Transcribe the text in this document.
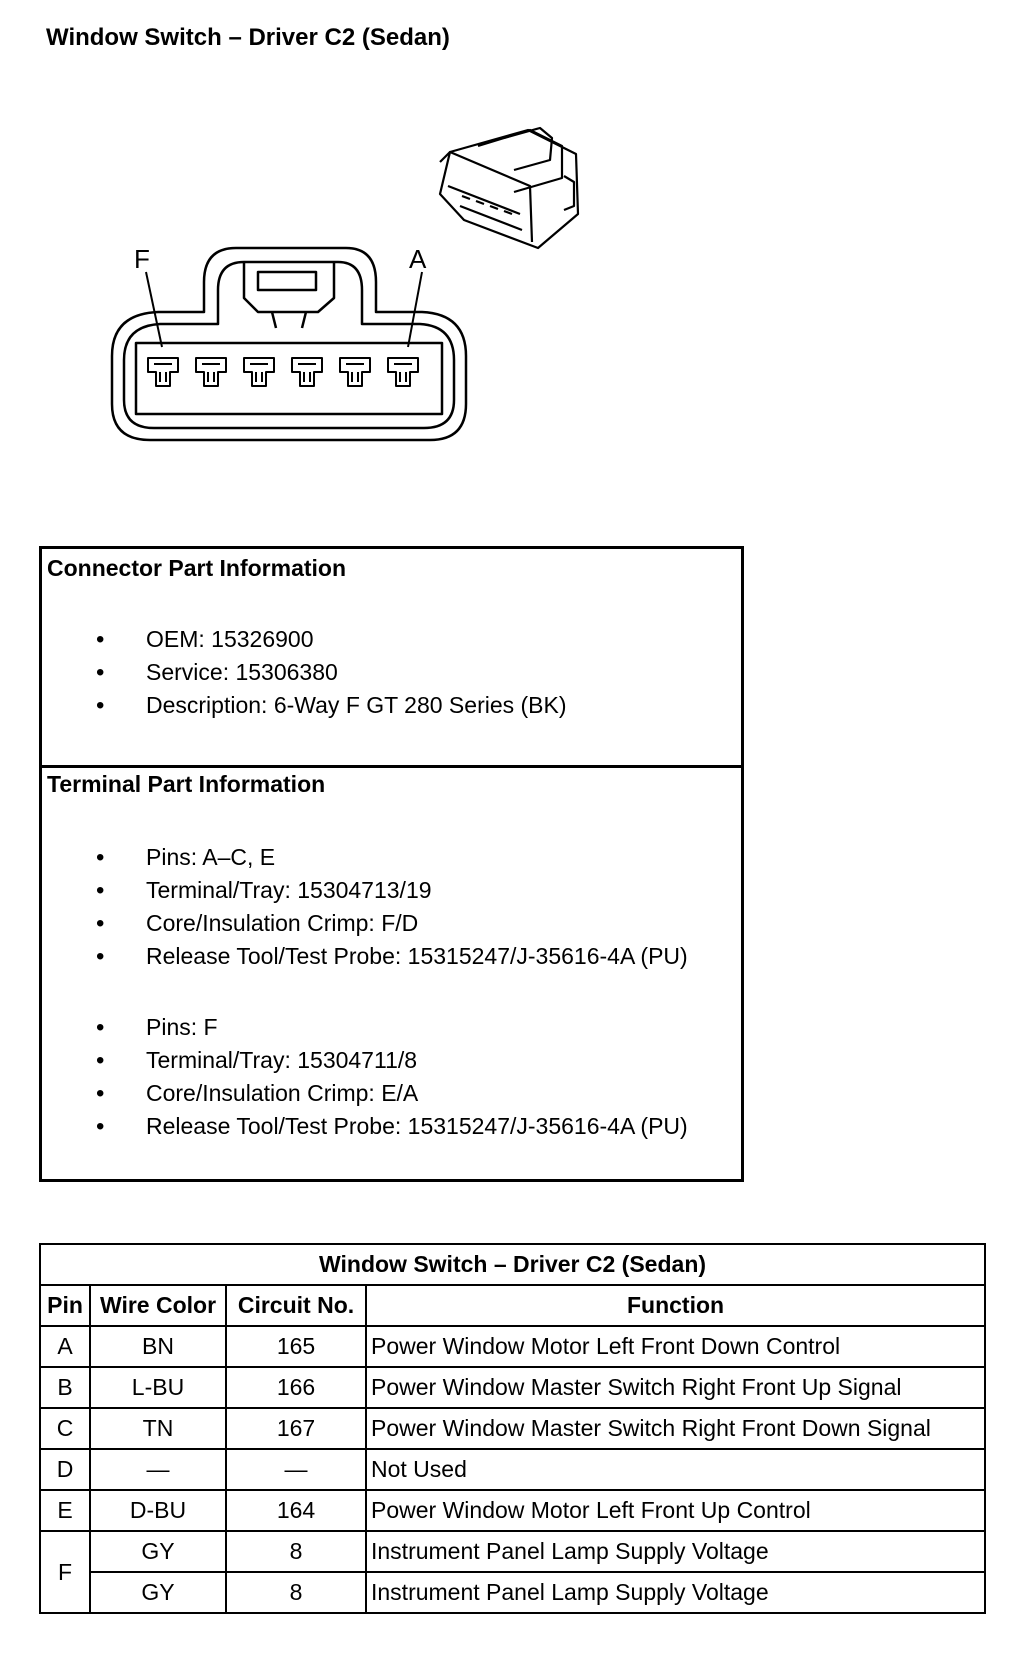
Window Switch – Driver C2 (Sedan)
F	A
Connector Part Information
• OEM: 15326900
• Service: 15306380
• Description: 6-Way F GT 280 Series (BK)
Terminal Part Information
• Pins: A–C, E
• Terminal/Tray: 15304713/19
• Core/Insulation Crimp: F/D
• Release Tool/Test Probe: 15315247/J-35616-4A (PU)
• Pins: F
• Terminal/Tray: 15304711/8
• Core/Insulation Crimp: E/A
• Release Tool/Test Probe: 15315247/J-35616-4A (PU)
Window Switch – Driver C2 (Sedan)			
Pin	Wire Color	Circuit No.	Function
A	BN	165	Power Window Motor Left Front Down Control
B	L-BU	166	Power Window Master Switch Right Front Up Signal
C	TN	167	Power Window Master Switch Right Front Down Signal
D	—	—	Not Used
E	D-BU	164	Power Window Motor Left Front Up Control
F	GY	8	Instrument Panel Lamp Supply Voltage
	GY	8	Instrument Panel Lamp Supply Voltage
